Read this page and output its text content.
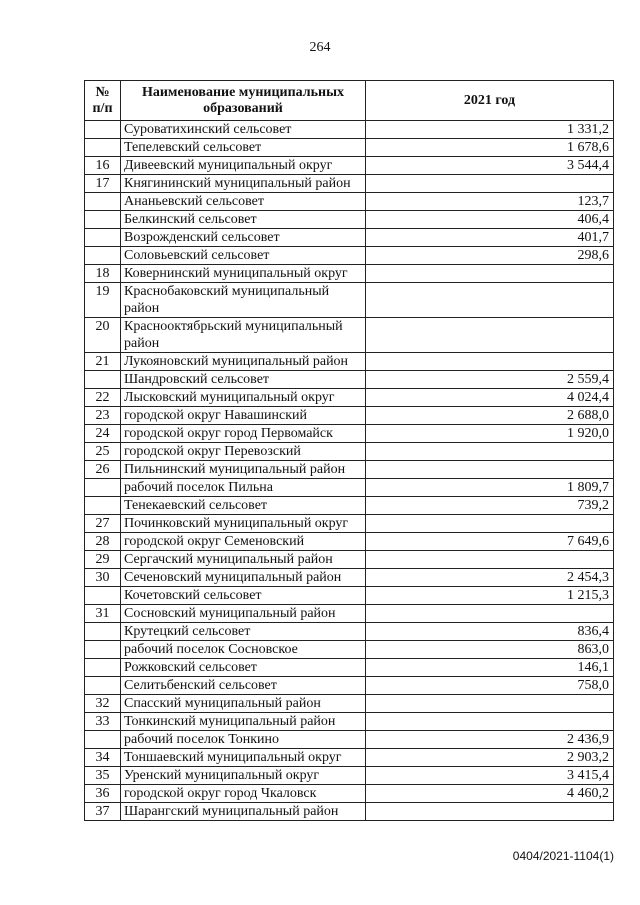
264
№ п/п	Наименование муниципальных образований	2021 год
	Суроватихинский сельсовет	1 331,2
	Тепелевский сельсовет	1 678,6
16	Дивеевский муниципальный округ	3 544,4
17	Княгининский муниципальный район	
	Ананьевский сельсовет	123,7
	Белкинский сельсовет	406,4
	Возрожденский сельсовет	401,7
	Соловьевский сельсовет	298,6
18	Ковернинский муниципальный округ	
19	Краснобаковский муниципальный район	
20	Краснооктябрьский муниципальный район	
21	Лукояновский муниципальный район	
	Шандровский сельсовет	2 559,4
22	Лысковский муниципальный округ	4 024,4
23	городской округ Навашинский	2 688,0
24	городской округ город Первомайск	1 920,0
25	городской округ Перевозский	
26	Пильнинский муниципальный район	
	рабочий поселок Пильна	1 809,7
	Тенекаевский сельсовет	739,2
27	Починковский муниципальный округ	
28	городской округ Семеновский	7 649,6
29	Сергачский муниципальный район	
30	Сеченовский муниципальный район	2 454,3
	Кочетовский сельсовет	1 215,3
31	Сосновский муниципальный район	
	Крутецкий сельсовет	836,4
	рабочий поселок Сосновское	863,0
	Рожковский сельсовет	146,1
	Селитьбенский сельсовет	758,0
32	Спасский муниципальный район	
33	Тонкинский муниципальный район	
	рабочий поселок Тонкино	2 436,9
34	Тоншаевский муниципальный округ	2 903,2
35	Уренский муниципальный округ	3 415,4
36	городской округ город Чкаловск	4 460,2
37	Шарангский муниципальный район	
0404/2021-1104(1)
